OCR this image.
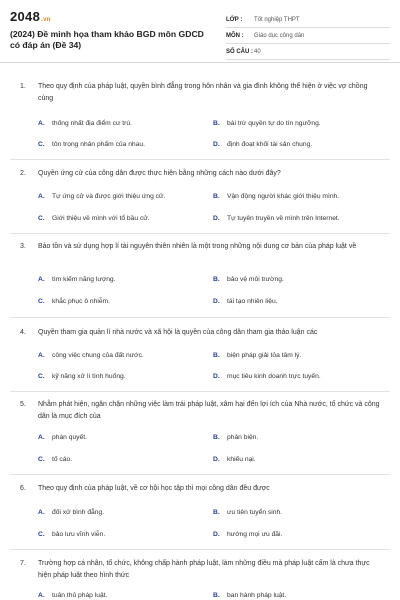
2048.vn
(2024) Đề minh họa tham khảo BGD môn GDCD có đáp án (Đề 34)
LỚP :	Tốt nghiệp THPT
MÔN :	Giáo dục công dân
SỐ CÂU : 40
1. Theo quy định của pháp luật, quyền bình đẳng trong hôn nhân và gia đình không thể hiện ở việc vợ chồng cùng
A. thống nhất địa điểm cư trú.	B. bài trừ quyền tự do tín ngưỡng.
C. tôn trọng nhân phẩm của nhau.	D. định đoạt khối tài sản chung.
2. Quyền ứng cử của công dân được thực hiện bằng những cách nào dưới đây?
A. Tự ứng cử và được giới thiệu ứng cử.	B. Vận động người khác giới thiệu mình.
C. Giới thiệu về mình với tổ bầu cử.	D. Tự tuyên truyền về mình trên Internet.
3. Bảo tồn và sử dụng hợp lí tài nguyên thiên nhiên là một trong những nội dung cơ bản của pháp luật về
A. tìm kiếm năng lượng.	B. bảo vệ môi trường.
C. khắc phục ô nhiễm.	D. tái tạo nhiên liệu.
4. Quyền tham gia quản lí nhà nước và xã hội là quyền của công dân tham gia thảo luận các
A. công việc chung của đất nước.	B. biện pháp giải tỏa tâm lý.
C. kỹ năng xử lí tình huống.	D. mục tiêu kinh doanh trực tuyến.
5. Nhằm phát hiện, ngăn chặn những việc làm trái pháp luật, xâm hại đến lợi ích của Nhà nước, tổ chức và công dân là mục đích của
A. phán quyết.	B. phản biện.
C. tố cáo.	D. khiếu nại.
6. Theo quy định của pháp luật, về cơ hội học tập thì mọi công dân đều được
A. đối xử bình đẳng.	B. ưu tiên tuyển sinh.
C. bảo lưu vĩnh viễn.	D. hướng mọi ưu đãi.
7. Trường hợp cá nhân, tổ chức, không chấp hành pháp luật, làm những điều mà pháp luật cấm là chưa thực hiện pháp luật theo hình thức
A. tuân thủ pháp luật.	B. ban hành pháp luật.
